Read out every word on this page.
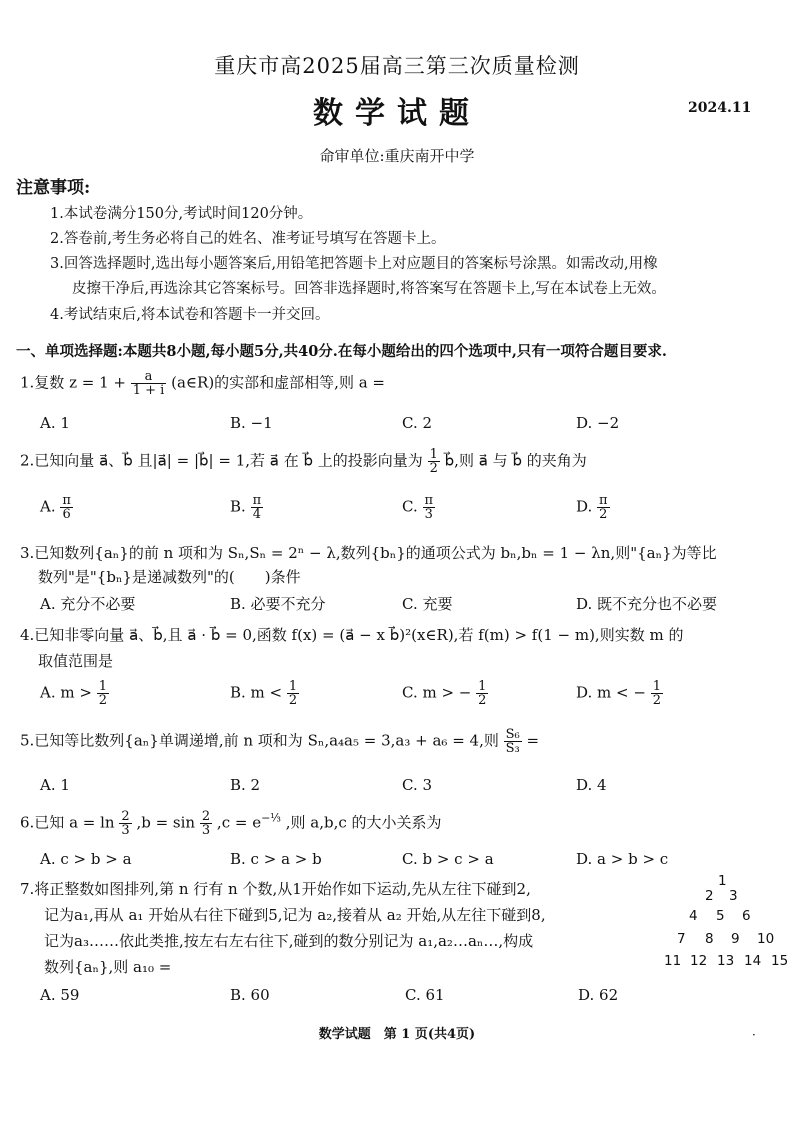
重庆市高2025届高三第三次质量检测
数学试题	2024.11
命审单位:重庆南开中学
注意事项:
1.本试卷满分150分,考试时间120分钟。
2.答卷前,考生务必将自己的姓名、准考证号填写在答题卡上。
3.回答选择题时,选出每小题答案后,用铅笔把答题卡上对应题目的答案标号涂黑。如需改动,用橡
皮擦干净后,再选涂其它答案标号。回答非选择题时,将答案写在答题卡上,写在本试卷上无效。
4.考试结束后,将本试卷和答题卡一并交回。
一、单项选择题:本题共8小题,每小题5分,共40分.在每小题给出的四个选项中,只有一项符合题目要求.
1.复数 $z = 1 + \frac{a}{1 + i}$ (a∈R)的实部和虚部相等,则 a =
A. 1	B. −1	C. 2	D. −2
2.已知向量 a⃗、b⃗ 且|a⃗| = |b⃗| = 1,若 a⃗ 在 b⃗ 上的投影向量为 $\frac{1}{2}$ b⃗,则 a⃗ 与 b⃗ 的夹角为
A. $\frac{\pi}{6}$	B. $\frac{\pi}{4}$	C. $\frac{\pi}{3}$	D. $\frac{\pi}{2}$
3.已知数列{aₙ}的前 n 项和为 Sₙ,Sₙ = 2ⁿ − λ,数列{bₙ}的通项公式为 bₙ,bₙ = 1 − λn,则"{aₙ}为等比
数列"是"{bₙ}是递减数列"的(　　)条件
A. 充分不必要	B. 必要不充分	C. 充要	D. 既不充分也不必要
4.已知非零向量 a⃗、b⃗,且 a⃗ · b⃗ = 0,函数 f(x) = (a⃗ − x b⃗)²(x∈R),若 f(m) > f(1 − m),则实数 m 的
取值范围是
A. $m > \frac{1}{2}$	B. $m < \frac{1}{2}$	C. m > − $\frac{1}{2}$	D. m < − $\frac{1}{2}$
5.已知等比数列{aₙ}单调递增,前 n 项和为 Sₙ,a₄a₅ = 3,a₃ + a₆ = 4,则 $\frac{\text{S₆}}{\text{S₃}}$ =
A. 1	B. 2	C. 3	D. 4
6.已知 $a = \ln \frac{2}{3} ,b = \sin \frac{2}{3} ,c = e^{-\frac{1}{3}}$ ,则 a,b,c 的大小关系为
A. c > b > a	B. c > a > b	C. b > c > a	D. a > b > c
7.将正整数如图排列,第 n 行有 n 个数,从1开始作如下运动,先从左往下碰到2,
记为a₁,再从 a₁ 开始从右往下碰到5,记为 a₂,接着从 a₂ 开始,从左往下碰到8,
记为a₃……依此类推,按左右左右往下,碰到的数分别记为 a₁,a₂…aₙ…,构成
数列{aₙ},则 a₁₀ =
A. 59	B. 60	C. 61	D. 62
1
2 3
4 5 6
7 8 9 10
11 12 13 14 15
数学试题　第 1 页(共4页)	·
